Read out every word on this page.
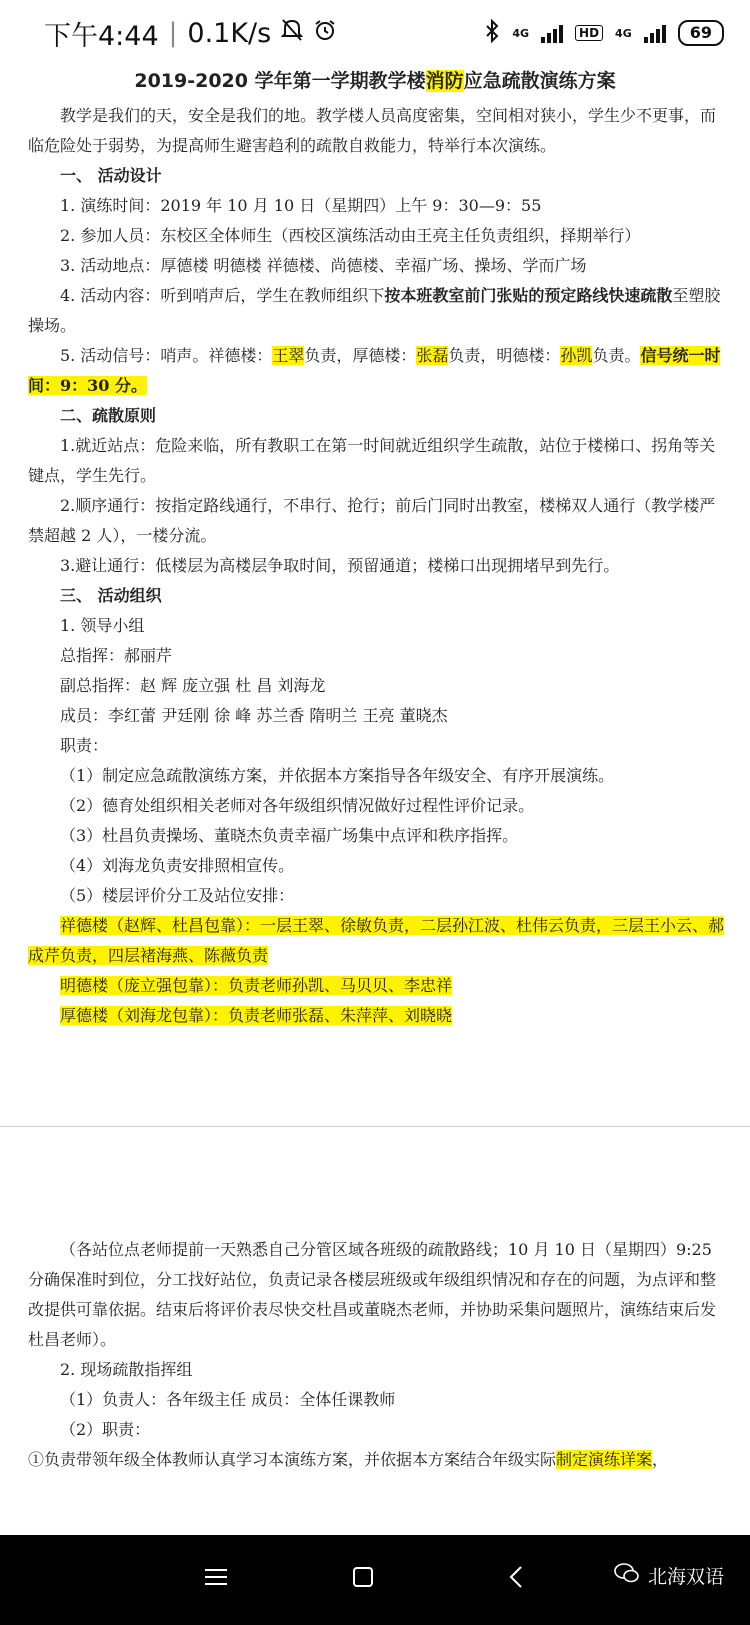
下午4:44 | 0.1K/s	4G	HD	4G	69
2019-2020 学年第一学期教学楼消防应急疏散演练方案
教学是我们的天，安全是我们的地。教学楼人员高度密集，空间相对狭小，学生少不更事，而临危险处于弱势，为提高师生避害趋利的疏散自救能力，特举行本次演练。
一、 活动设计
1. 演练时间：2019 年 10 月 10 日（星期四）上午 9：30—9：55
2. 参加人员：东校区全体师生（西校区演练活动由王亮主任负责组织，择期举行）
3. 活动地点：厚德楼 明德楼 祥德楼、尚德楼、幸福广场、操场、学而广场
4. 活动内容：听到哨声后，学生在教师组织下按本班教室前门张贴的预定路线快速疏散至塑胶操场。
5. 活动信号：哨声。祥德楼：王翠负责，厚德楼：张磊负责，明德楼：孙凯负责。信号统一时间：9：30 分。
二、疏散原则
1.就近站点：危险来临，所有教职工在第一时间就近组织学生疏散，站位于楼梯口、拐角等关键点，学生先行。
2.顺序通行：按指定路线通行，不串行、抢行；前后门同时出教室，楼梯双人通行（教学楼严禁超越 2 人），一楼分流。
3.避让通行：低楼层为高楼层争取时间，预留通道；楼梯口出现拥堵早到先行。
三、 活动组织
1. 领导小组
总指挥：郝丽芹
副总指挥：赵 辉 庞立强 杜 昌 刘海龙
成员：李红蕾 尹廷刚 徐 峰 苏兰香 隋明兰 王亮 董晓杰
职责：
（1）制定应急疏散演练方案，并依据本方案指导各年级安全、有序开展演练。
（2）德育处组织相关老师对各年级组织情况做好过程性评价记录。
（3）杜昌负责操场、董晓杰负责幸福广场集中点评和秩序指挥。
（4）刘海龙负责安排照相宣传。
（5）楼层评价分工及站位安排：
祥德楼（赵辉、杜昌包靠）：一层王翠、徐敏负责，二层孙江波、杜伟云负责，三层王小云、郝成芹负责，四层褚海燕、陈薇负责
明德楼（庞立强包靠）：负责老师孙凯、马贝贝、李忠祥
厚德楼（刘海龙包靠）：负责老师张磊、朱萍萍、刘晓晓
（各站位点老师提前一天熟悉自己分管区域各班级的疏散路线；10 月 10 日（星期四）9:25 分确保准时到位，分工找好站位，负责记录各楼层班级或年级组织情况和存在的问题，为点评和整改提供可靠依据。结束后将评价表尽快交杜昌或董晓杰老师，并协助采集问题照片，演练结束后发杜昌老师）。
2. 现场疏散指挥组
（1）负责人：各年级主任 成员：全体任课教师
（2）职责：
①负责带领年级全体教师认真学习本演练方案，并依据本方案结合年级实际制定演练详案，
北海双语
